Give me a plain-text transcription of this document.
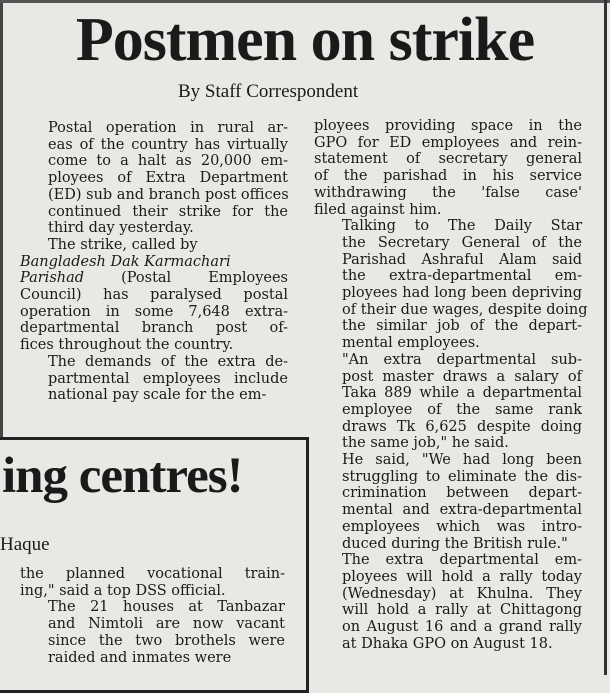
Postmen on strike
By Staff Correspondent

Postal operation in rural ar-
eas of the country has virtually
come to a halt as 20,000 em-
ployees of Extra Department
(ED) sub and branch post offices
continued their strike for the
third day yesterday.

The strike, called by

Bangladesh Dak Karmachari

Parishad (Postal Employees
Council) has paralysed postal
operation in some 7,648 extra-
departmental branch post of-
fices throughout the country.

The demands of the extra de-
partmental employees include
national pay scale for the em-

ployees providing space in the
GPO for ED employees and rein-
statement of secretary general
of the parishad in his service
withdrawing the 'false case'
filed against him.

Talking to The Daily Star
the Secretary General of the
Parishad Ashraful Alam said
the extra-departmental em-
ployees had long been depriving
of their due wages, despite doing
the similar job of the depart-
mental employees.

"An extra departmental sub-
post master draws a salary of
Taka 889 while a departmental
employee of the same rank
draws Tk 6,625 despite doing
the same job," he said.

He said, "We had long been
struggling to eliminate the dis-
crimination between depart-
mental and extra-departmental
employees which was intro-
duced during the British rule."

The extra departmental em-
ployees will hold a rally today
(Wednesday) at Khulna. They
will hold a rally at Chittagong
on August 16 and a grand rally
at Dhaka GPO on August 18.

ing centres!
Haque

the planned vocational train-
ing," said a top DSS official.

The 21 houses at Tanbazar
and Nimtoli are now vacant
since the two brothels were
raided and inmates were
